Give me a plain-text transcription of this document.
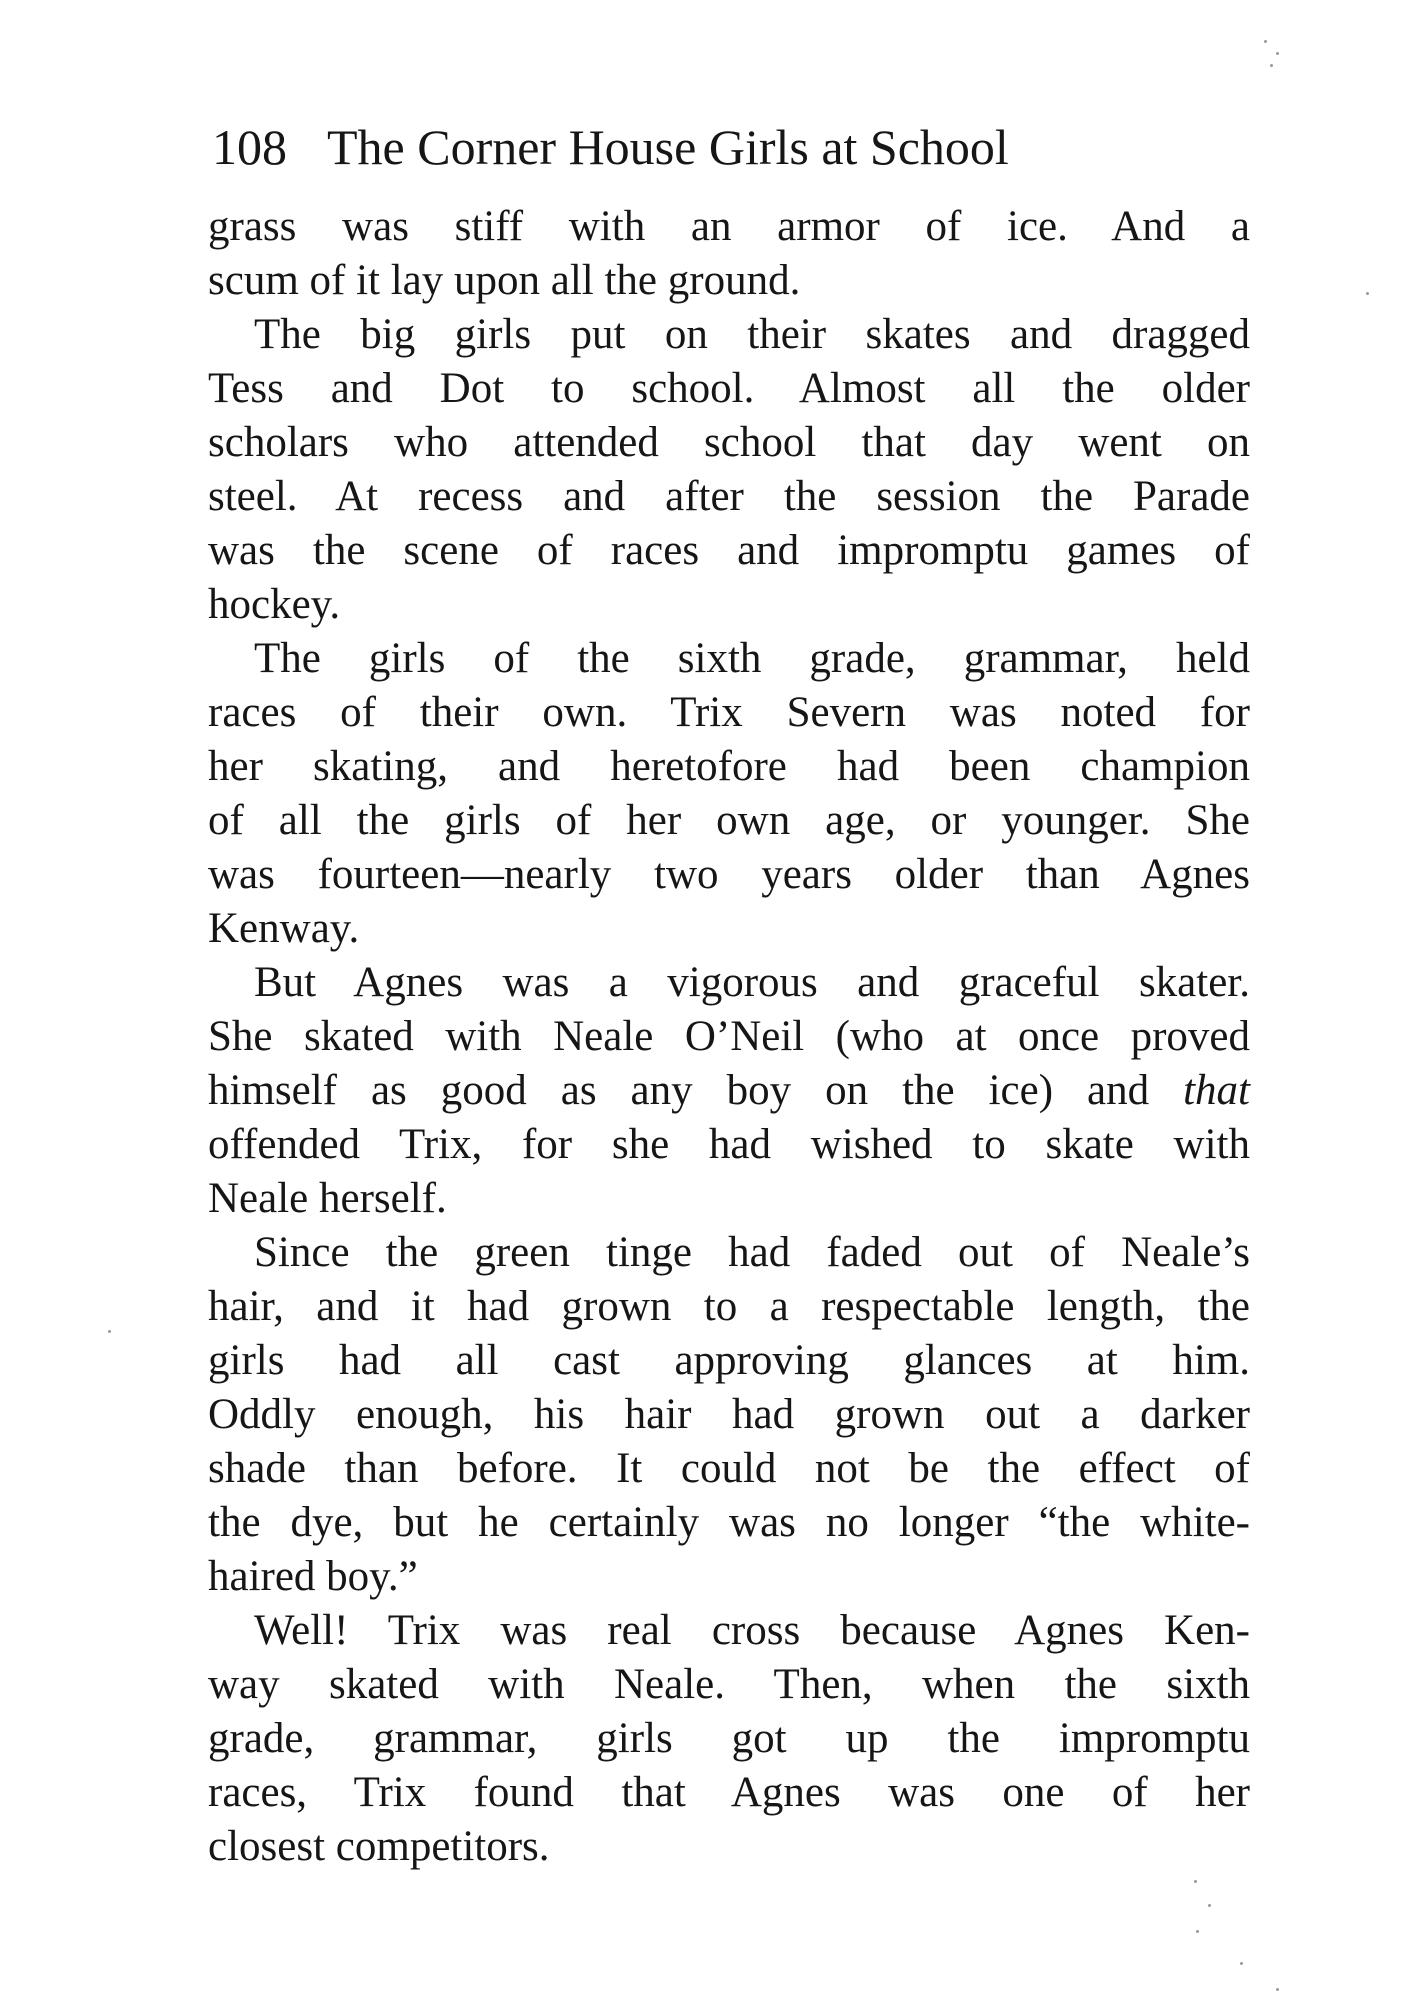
108 The Corner House Girls at School
grass was stiff with an armor of ice. And a
scum of it lay upon all the ground.
The big girls put on their skates and dragged
Tess and Dot to school. Almost all the older
scholars who attended school that day went on
steel. At recess and after the session the Parade
was the scene of races and impromptu games of
hockey.
The girls of the sixth grade, grammar, held
races of their own. Trix Severn was noted for
her skating, and heretofore had been champion
of all the girls of her own age, or younger. She
was fourteen—nearly two years older than Agnes
Kenway.
But Agnes was a vigorous and graceful skater.
She skated with Neale O’Neil (who at once proved
himself as good as any boy on the ice) and that
offended Trix, for she had wished to skate with
Neale herself.
Since the green tinge had faded out of Neale’s
hair, and it had grown to a respectable length, the
girls had all cast approving glances at him.
Oddly enough, his hair had grown out a darker
shade than before. It could not be the effect of
the dye, but he certainly was no longer “the white-
haired boy.”
Well! Trix was real cross because Agnes Ken-
way skated with Neale. Then, when the sixth
grade, grammar, girls got up the impromptu
races, Trix found that Agnes was one of her
closest competitors.
